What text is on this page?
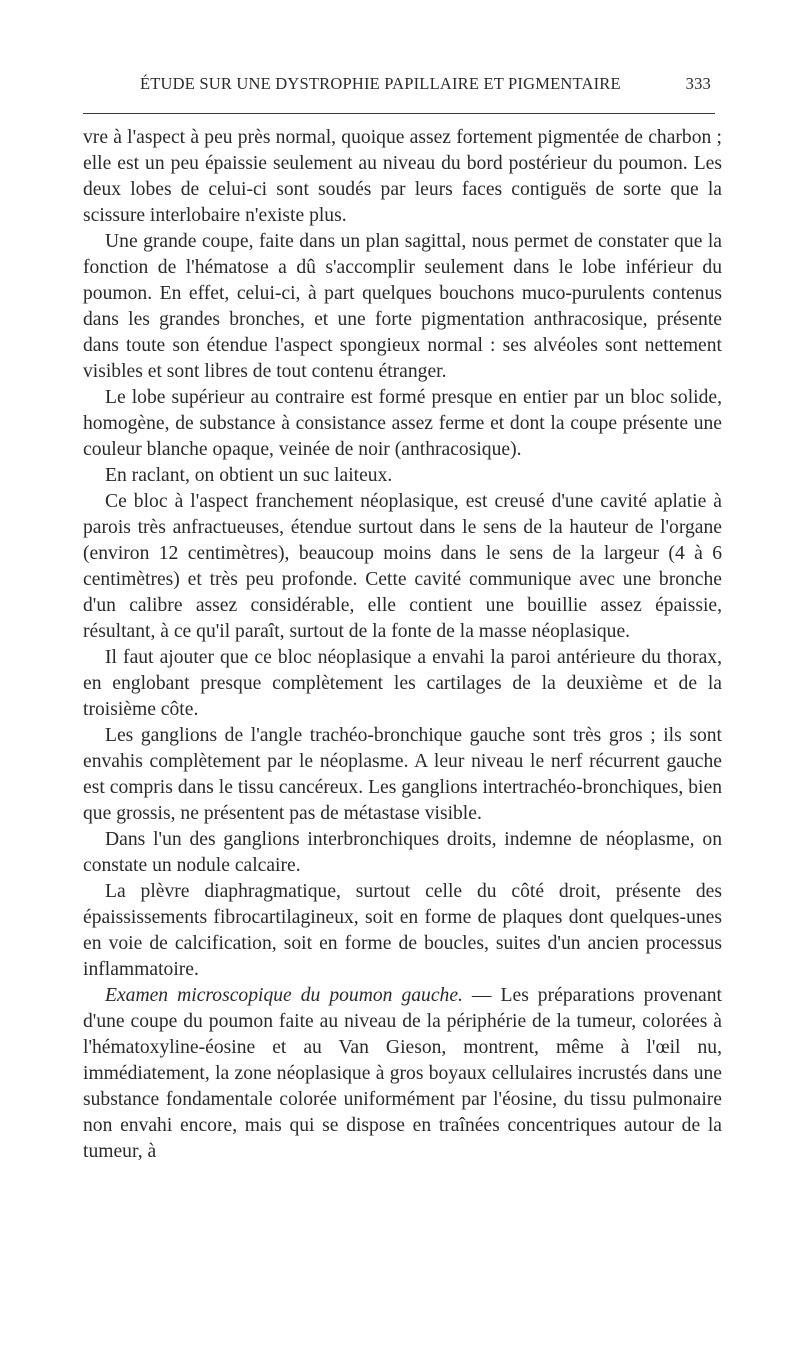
ÉTUDE SUR UNE DYSTROPHIE PAPILLAIRE ET PIGMENTAIRE	333

vre à l'aspect à peu près normal, quoique assez fortement pigmentée de charbon ; elle est un peu épaissie seulement au niveau du bord postérieur du poumon. Les deux lobes de celui-ci sont soudés par leurs faces contiguës de sorte que la scissure interlobaire n'existe plus.

Une grande coupe, faite dans un plan sagittal, nous permet de constater que la fonction de l'hématose a dû s'accomplir seulement dans le lobe inférieur du poumon. En effet, celui-ci, à part quelques bouchons muco-purulents contenus dans les grandes bronches, et une forte pigmentation anthracosique, présente dans toute son étendue l'aspect spongieux normal : ses alvéoles sont nettement visibles et sont libres de tout contenu étranger.

Le lobe supérieur au contraire est formé presque en entier par un bloc solide, homogène, de substance à consistance assez ferme et dont la coupe présente une couleur blanche opaque, veinée de noir (anthracosique).

En raclant, on obtient un suc laiteux.

Ce bloc à l'aspect franchement néoplasique, est creusé d'une cavité aplatie à parois très anfractueuses, étendue surtout dans le sens de la hauteur de l'organe (environ 12 centimètres), beaucoup moins dans le sens de la largeur (4 à 6 centimètres) et très peu profonde. Cette cavité communique avec une bronche d'un calibre assez considérable, elle contient une bouillie assez épaissie, résultant, à ce qu'il paraît, surtout de la fonte de la masse néoplasique.

Il faut ajouter que ce bloc néoplasique a envahi la paroi antérieure du thorax, en englobant presque complètement les cartilages de la deuxième et de la troisième côte.

Les ganglions de l'angle trachéo-bronchique gauche sont très gros ; ils sont envahis complètement par le néoplasme. A leur niveau le nerf récurrent gauche est compris dans le tissu cancéreux. Les ganglions intertrachéo-bronchiques, bien que grossis, ne présentent pas de métastase visible.

Dans l'un des ganglions interbronchiques droits, indemne de néoplasme, on constate un nodule calcaire.

La plèvre diaphragmatique, surtout celle du côté droit, présente des épaississements fibrocartilagineux, soit en forme de plaques dont quelques-unes en voie de calcification, soit en forme de boucles, suites d'un ancien processus inflammatoire.

Examen microscopique du poumon gauche. — Les préparations provenant d'une coupe du poumon faite au niveau de la périphérie de la tumeur, colorées à l'hématoxyline-éosine et au Van Gieson, montrent, même à l'œil nu, immédiatement, la zone néoplasique à gros boyaux cellulaires incrustés dans une substance fondamentale colorée uniformément par l'éosine, du tissu pulmonaire non envahi encore, mais qui se dispose en traînées concentriques autour de la tumeur, à
